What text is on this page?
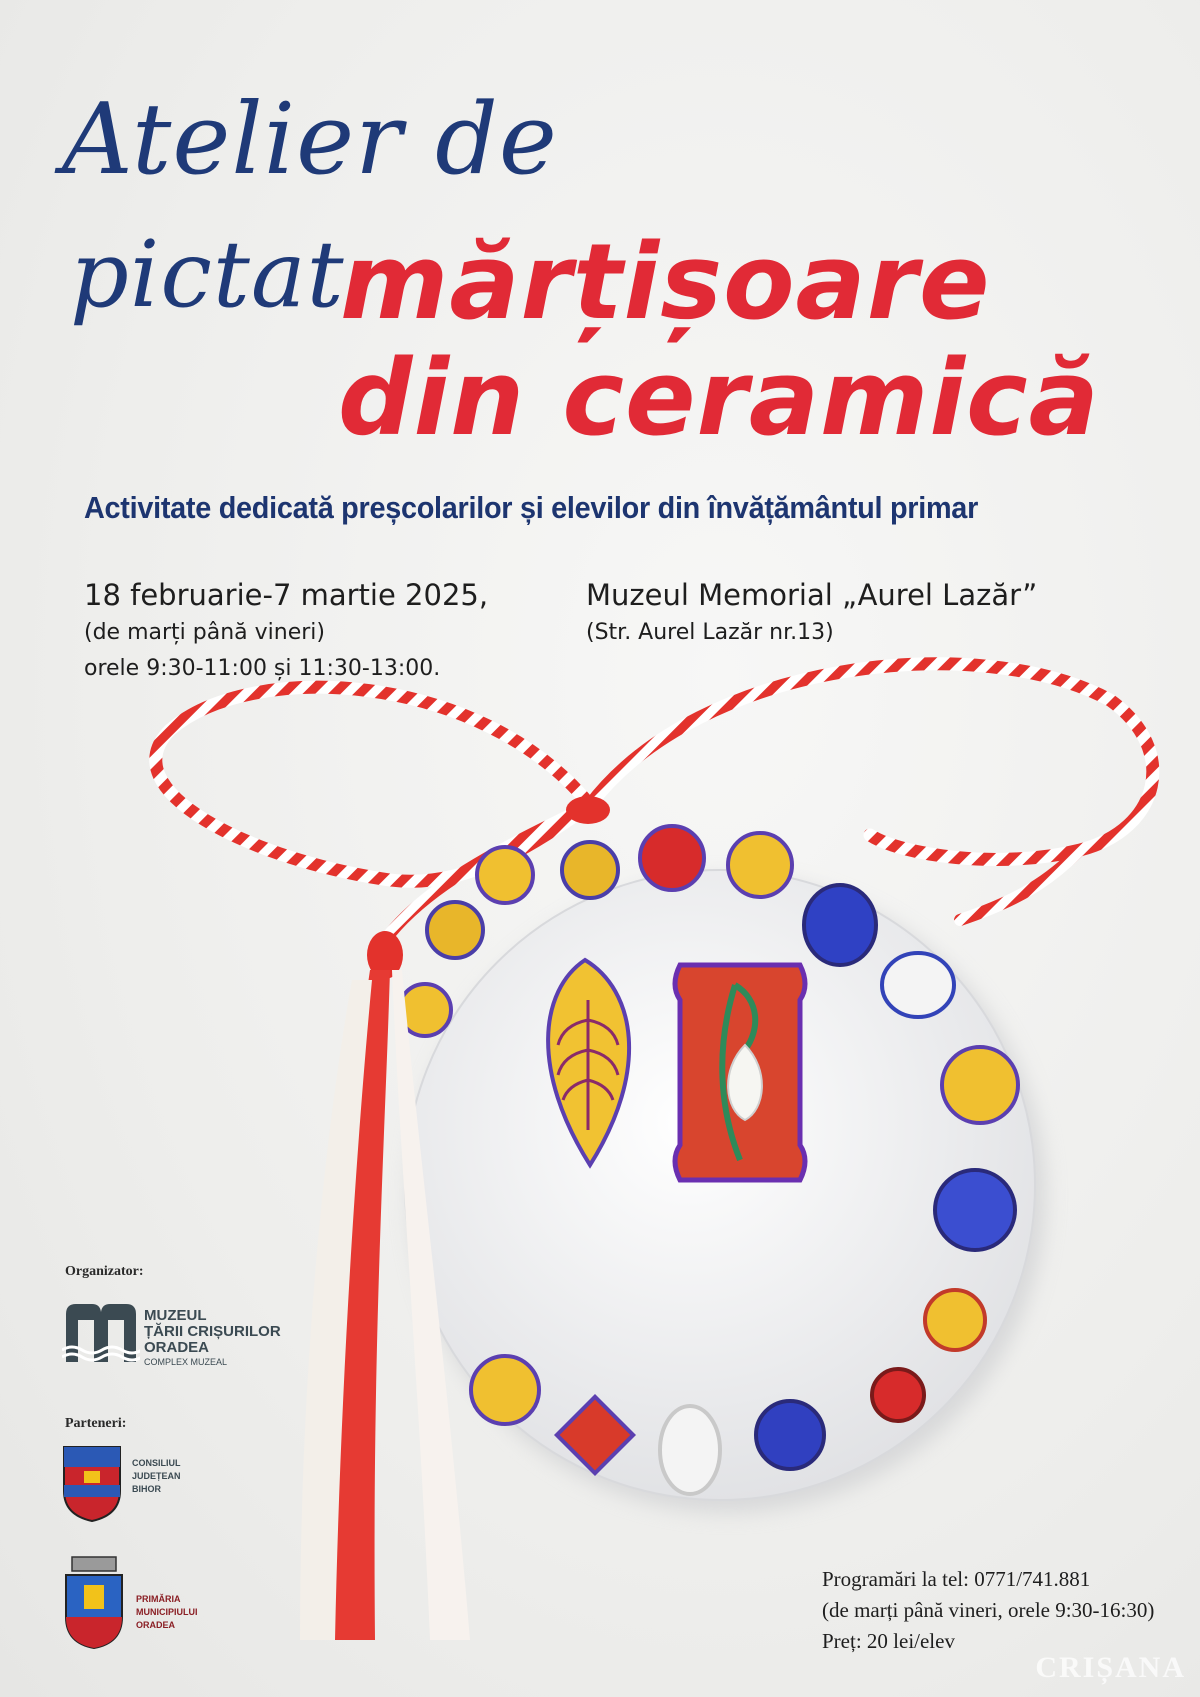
Atelier de
pictat
mărțișoare
din ceramică
Activitate dedicată preșcolarilor și elevilor din învățământul primar
18 februarie-7 martie 2025,
(de marți până vineri)
orele 9:30-11:00 și 11:30-13:00.
Muzeul Memorial „Aurel Lazăr”
(Str. Aurel Lazăr nr.13)
Organizator:
MUZEUL
ȚĂRII CRIȘURILOR
ORADEA
COMPLEX MUZEAL
Parteneri:
CONSILIUL
JUDEȚEAN
BIHOR
PRIMĂRIA
MUNICIPIULUI
ORADEA
Programări la tel: 0771/741.881
(de marți până vineri, orele 9:30-16:30)
Preț: 20 lei/elev
CRIȘANA
